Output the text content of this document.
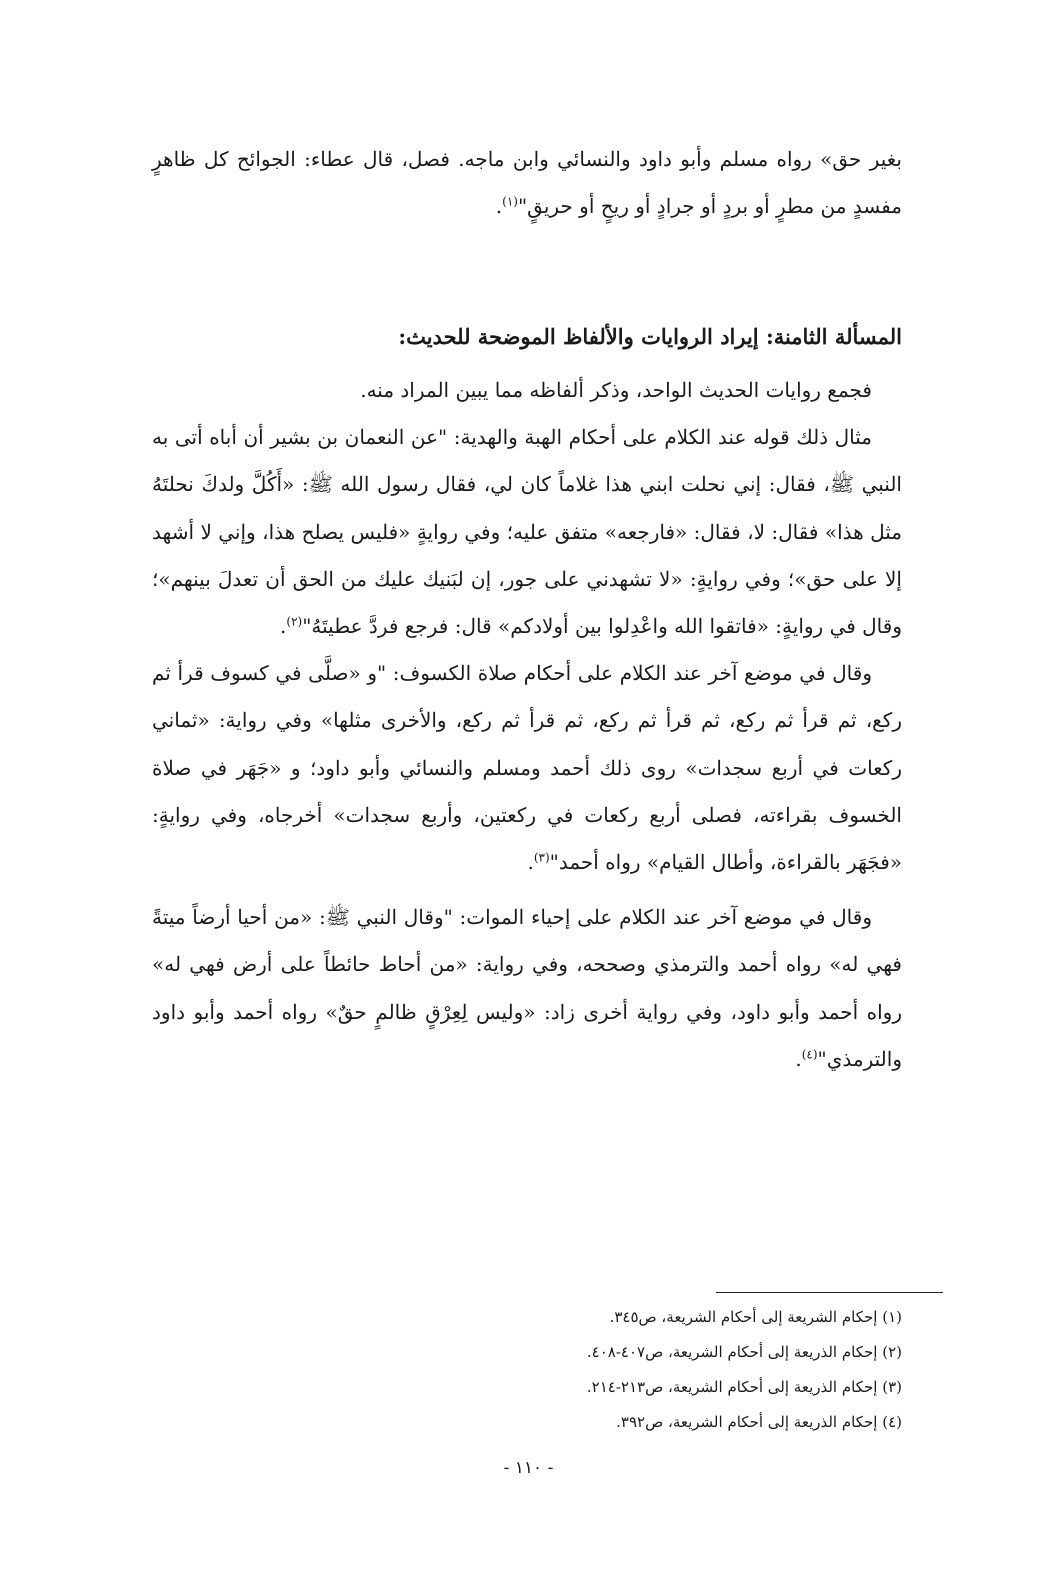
بغير حق» رواه مسلم وأبو داود والنسائي وابن ماجه. فصل، قال عطاء: الجوائح كل ظاهرٍ مفسدٍ من مطرٍ أو بردٍ أو جرادٍ أو ريحٍ أو حريقٍ"$^{(١)}$.

المسألة الثامنة: إيراد الروايات والألفاظ الموضحة للحديث:

فجمع روايات الحديث الواحد، وذكر ألفاظه مما يبين المراد منه.

مثال ذلك قوله عند الكلام على أحكام الهبة والهدية: "عن النعمان بن بشير أن أباه أتى به النبي ﷺ، فقال: إني نحلت ابني هذا غلاماً كان لي، فقال رسول الله ﷺ: «أَكُلَّ ولدكَ نحلتَهُ مثل هذا» فقال: لا، فقال: «فارجعه» متفق عليه؛ وفي روايةٍ «فليس يصلح هذا، وإني لا أشهد إلا على حق»؛ وفي روايةٍ: «لا تشهدني على جور، إن لبَنيك عليك من الحق أن تعدلَ بينهم»؛ وقال في روايةٍ: «فاتقوا الله واعْدِلوا بين أولادكم» قال: فرجع فردَّ عطيتَهُ"$^{(٢)}$.

وقال في موضع آخر عند الكلام على أحكام صلاة الكسوف: "و «صلَّى في كسوف قرأ ثم ركع، ثم قرأ ثم ركع، ثم قرأ ثم ركع، ثم قرأ ثم ركع، والأخرى مثلها» وفي رواية: «ثماني ركعات في أربع سجدات» روى ذلك أحمد ومسلم والنسائي وأبو داود؛ و «جَهَر في صلاة الخسوف بقراءته، فصلى أربع ركعات في ركعتين، وأربع سجدات» أخرجاه، وفي روايةٍ: «فجَهَر بالقراءة، وأطال القيام» رواه أحمد"$^{(٣)}$.

وقال في موضع آخر عند الكلام على إحياء الموات: "وقال النبي ﷺ: «من أحيا أرضاً ميتةً فهي له» رواه أحمد والترمذي وصححه، وفي رواية: «من أحاط حائطاً على أرض فهي له» رواه أحمد وأبو داود، وفي رواية أخرى زاد: «وليس لِعِرْقٍ ظالمٍ حقٌ» رواه أحمد وأبو داود والترمذي"$^{(٤)}$.

(١) إحكام الشريعة إلى أحكام الشريعة، ص٣٤٥.

(٢) إحكام الذريعة إلى أحكام الشريعة، ص٤٠٧-٤٠٨.

(٣) إحكام الذريعة إلى أحكام الشريعة، ص٢١٣-٢١٤.

(٤) إحكام الذريعة إلى أحكام الشريعة، ص٣٩٢.

- ١١٠ -
